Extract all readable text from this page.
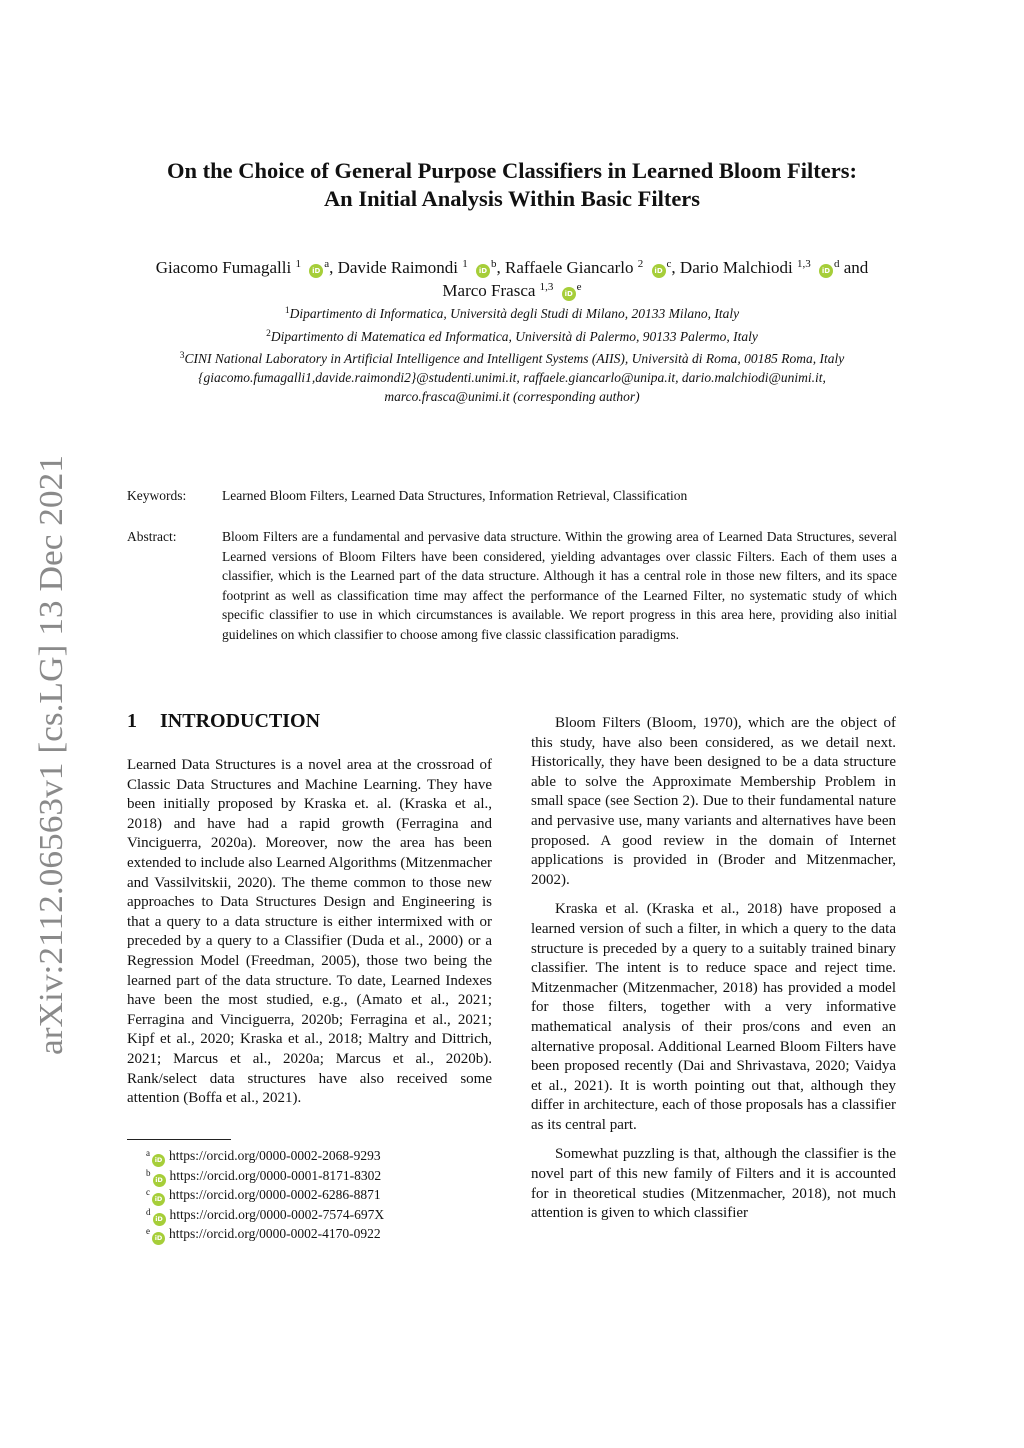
arXiv:2112.06563v1 [cs.LG] 13 Dec 2021
On the Choice of General Purpose Classifiers in Learned Bloom Filters:
An Initial Analysis Within Basic Filters
Giacomo Fumagalli $^1$ $iD^a$, Davide Raimondi $^1$ $iD^b$, Raffaele Giancarlo $^2$ $iD^c$, Dario Malchiodi $^{1,3}$ $iD^d$ and
Marco Frasca $^{1,3}$ $iD^e$
$^1$Dipartimento di Informatica, Università degli Studi di Milano, 20133 Milano, Italy
$^2$Dipartimento di Matematica ed Informatica, Università di Palermo, 90133 Palermo, Italy
$^3$CINI National Laboratory in Artificial Intelligence and Intelligent Systems (AIIS), Università di Roma, 00185 Roma, Italy
{giacomo.fumagalli1,davide.raimondi2}@studenti.unimi.it, raffaele.giancarlo@unipa.it, dario.malchiodi@unimi.it,
marco.frasca@unimi.it (corresponding author)
Keywords:	Learned Bloom Filters, Learned Data Structures, Information Retrieval, Classification
Abstract:	Bloom Filters are a fundamental and pervasive data structure. Within the growing area of Learned Data Structures, several Learned versions of Bloom Filters have been considered, yielding advantages over classic Filters. Each of them uses a classifier, which is the Learned part of the data structure. Although it has a central role in those new filters, and its space footprint as well as classification time may affect the performance of the Learned Filter, no systematic study of which specific classifier to use in which circumstances is available. We report progress in this area here, providing also initial guidelines on which classifier to choose among five classic classification paradigms.
1 INTRODUCTION

Learned Data Structures is a novel area at the crossroad of Classic Data Structures and Machine Learning. They have been initially proposed by Kraska et. al. (Kraska et al., 2018) and have had a rapid growth (Ferragina and Vinciguerra, 2020a). Moreover, now the area has been extended to include also Learned Algorithms (Mitzenmacher and Vassilvitskii, 2020). The theme common to those new approaches to Data Structures Design and Engineering is that a query to a data structure is either intermixed with or preceded by a query to a Classifier (Duda et al., 2000) or a Regression Model (Freedman, 2005), those two being the learned part of the data structure. To date, Learned Indexes have been the most studied, e.g., (Amato et al., 2021; Ferragina and Vinciguerra, 2020b; Ferragina et al., 2021; Kipf et al., 2020; Kraska et al., 2018; Maltry and Dittrich, 2021; Marcus et al., 2020a; Marcus et al., 2020b). Rank/select data structures have also received some attention (Boffa et al., 2021).

Bloom Filters (Bloom, 1970), which are the object of this study, have also been considered, as we detail next. Historically, they have been designed to be a data structure able to solve the Approximate Membership Problem in small space (see Section 2). Due to their fundamental nature and pervasive use, many variants and alternatives have been proposed. A good review in the domain of Internet applications is provided in (Broder and Mitzenmacher, 2002).

Kraska et al. (Kraska et al., 2018) have proposed a learned version of such a filter, in which a query to the data structure is preceded by a query to a suitably trained binary classifier. The intent is to reduce space and reject time. Mitzenmacher (Mitzenmacher, 2018) has provided a model for those filters, together with a very informative mathematical analysis of their pros/cons and even an alternative proposal. Additional Learned Bloom Filters have been proposed recently (Dai and Shrivastava, 2020; Vaidya et al., 2021). It is worth pointing out that, although they differ in architecture, each of those proposals has a classifier as its central part.

Somewhat puzzling is that, although the classifier is the novel part of this new family of Filters and it is accounted for in theoretical studies (Mitzenmacher, 2018), not much attention is given to which classifier

$^a$iD https://orcid.org/0000-0002-2068-9293
$^b$iD https://orcid.org/0000-0001-8171-8302
$^c$iD https://orcid.org/0000-0002-6286-8871
$^d$iD https://orcid.org/0000-0002-7574-697X
$^e$iD https://orcid.org/0000-0002-4170-0922
